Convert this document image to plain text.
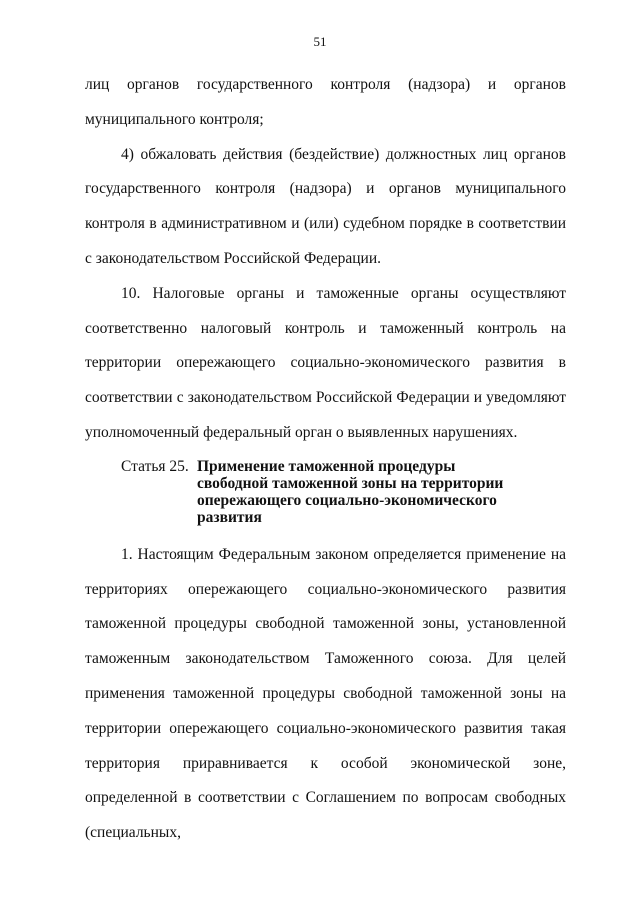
51

лиц органов государственного контроля (надзора) и органов муниципального контроля;

4) обжаловать действия (бездействие) должностных лиц органов государственного контроля (надзора) и органов муниципального контроля в административном и (или) судебном порядке в соответствии с законодательством Российской Федерации.

10. Налоговые органы и таможенные органы осуществляют соответственно налоговый контроль и таможенный контроль на территории опережающего социально-экономического развития в соответствии с законодательством Российской Федерации и уведомляют уполномоченный федеральный орган о выявленных нарушениях.

Статья 25. Применение таможенной процедуры свободной таможенной зоны на территории опережающего социально-экономического развития

1. Настоящим Федеральным законом определяется применение на территориях опережающего социально-экономического развития таможенной процедуры свободной таможенной зоны, установленной таможенным законодательством Таможенного союза. Для целей применения таможенной процедуры свободной таможенной зоны на территории опережающего социально-экономического развития такая территория приравнивается к особой экономической зоне, определенной в соответствии с Соглашением по вопросам свободных (специальных,
